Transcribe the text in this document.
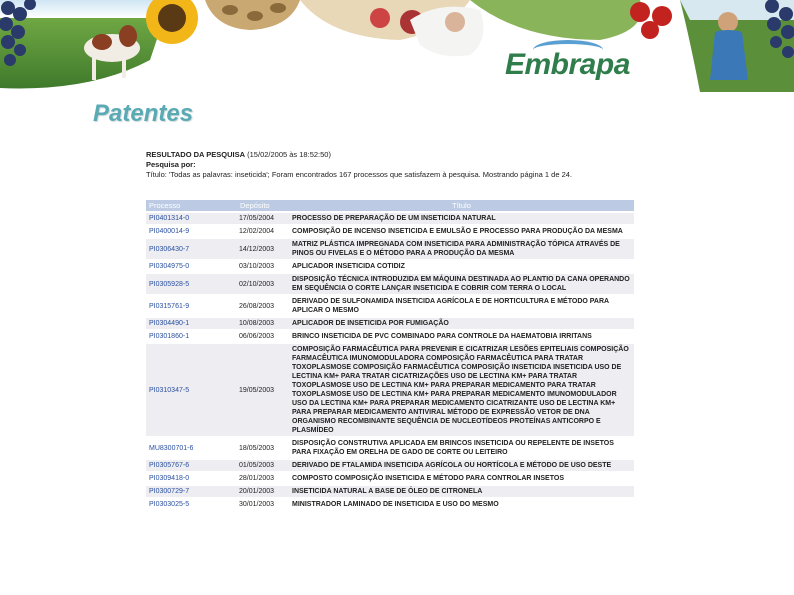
Embrapa
Patentes
RESULTADO DA PESQUISA (15/02/2005 às 18:52:50)
Pesquisa por:
Título: 'Todas as palavras: inseticida'; Foram encontrados 167 processos que satisfazem à pesquisa. Mostrando página 1 de 24.
Processo	Depósito	Título
PI0401314-0	17/05/2004	PROCESSO DE PREPARAÇÃO DE UM INSETICIDA NATURAL
PI0400014-9	12/02/2004	COMPOSIÇÃO DE INCENSO INSETICIDA E EMULSÃO E PROCESSO PARA PRODUÇÃO DA MESMA
PI0306430-7	14/12/2003	MATRIZ PLÁSTICA IMPREGNADA COM INSETICIDA PARA ADMINISTRAÇÃO TÓPICA ATRAVÉS DE PINOS OU FIVELAS E O MÉTODO PARA A PRODUÇÃO DA MESMA
PI0304975-0	03/10/2003	APLICADOR INSETICIDA COTIDIZ
PI0305928-5	02/10/2003	DISPOSIÇÃO TÉCNICA INTRODUZIDA EM MÁQUINA DESTINADA AO PLANTIO DA CANA OPERANDO EM SEQUÊNCIA O CORTE LANÇAR INSETICIDA E COBRIR COM TERRA O LOCAL
PI0315761-9	26/08/2003	DERIVADO DE SULFONAMIDA INSETICIDA AGRÍCOLA E DE HORTICULTURA E MÉTODO PARA APLICAR O MESMO
PI0304490-1	10/08/2003	APLICADOR DE INSETICIDA POR FUMIGAÇÃO
PI0301860-1	06/06/2003	BRINCO INSETICIDA DE PVC COMBINADO PARA CONTROLE DA HAEMATOBIA IRRITANS
PI0310347-5	19/05/2003	COMPOSIÇÃO FARMACÊUTICA PARA PREVENIR E CICATRIZAR LESÕES EPITELIAIS COMPOSIÇÃO FARMACÊUTICA IMUNOMODULADORA COMPOSIÇÃO FARMACÊUTICA PARA TRATAR TOXOPLASMOSE COMPOSIÇÃO FARMACÊUTICA COMPOSIÇÃO INSETICIDA INSETICIDA USO DE LECTINA KM+ PARA TRATAR CICATRIZAÇÕES USO DE LECTINA KM+ PARA TRATAR TOXOPLASMOSE USO DE LECTINA KM+ PARA PREPARAR MEDICAMENTO PARA TRATAR TOXOPLASMOSE USO DE LECTINA KM+ PARA PREPARAR MEDICAMENTO IMUNOMODULADOR USO DA LECTINA KM+ PARA PREPARAR MEDICAMENTO CICATRIZANTE USO DE LECTINA KM+ PARA PREPARAR MEDICAMENTO ANTIVIRAL MÉTODO DE EXPRESSÃO VETOR DE DNA ORGANISMO RECOMBINANTE SEQUÊNCIA DE NUCLEOTÍDEOS PROTEÍNAS ANTICORPO E PLASMÍDEO
MU8300701-6	18/05/2003	DISPOSIÇÃO CONSTRUTIVA APLICADA EM BRINCOS INSETICIDA OU REPELENTE DE INSETOS PARA FIXAÇÃO EM ORELHA DE GADO DE CORTE OU LEITEIRO
PI0305767-6	01/05/2003	DERIVADO DE FTALAMIDA INSETICIDA AGRÍCOLA OU HORTÍCOLA E MÉTODO DE USO DESTE
PI0309418-0	28/01/2003	COMPOSTO COMPOSIÇÃO INSETICIDA E MÉTODO PARA CONTROLAR INSETOS
PI0300729-7	20/01/2003	INSETICIDA NATURAL A BASE DE ÓLEO DE CITRONELA
PI0303025-5	30/01/2003	MINISTRADOR LAMINADO DE INSETICIDA E USO DO MESMO
